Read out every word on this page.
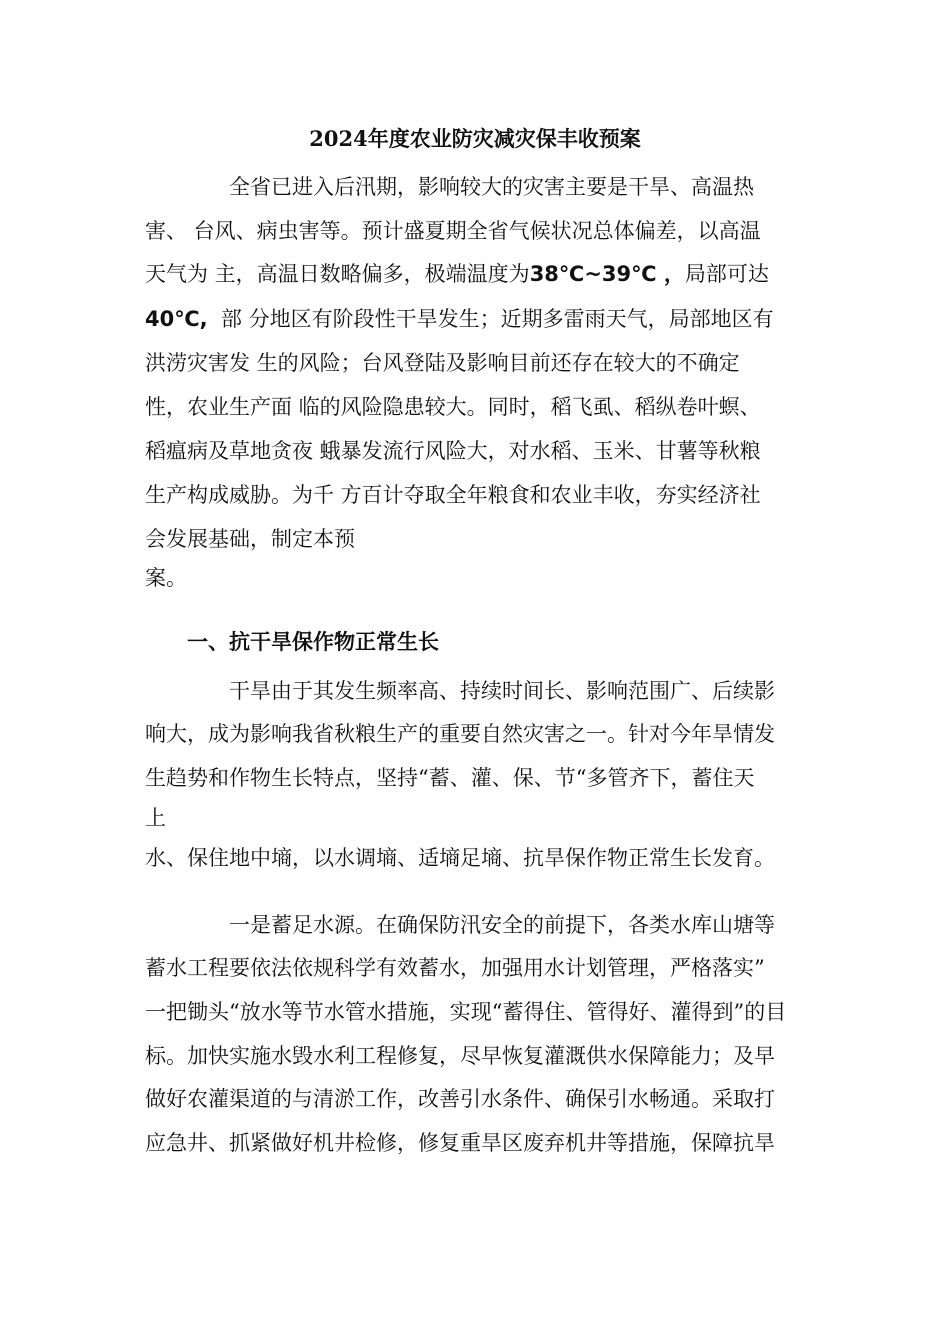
2024年度农业防灾减灾保丰收预案
全省已进入后汛期，影响较大的灾害主要是干旱、高温热
害、 台风、病虫害等。预计盛夏期全省气候状况总体偏差，以高温
天气为 主，高温日数略偏多，极端温度为38℃~39℃ ，局部可达
40℃, 部 分地区有阶段性干旱发生；近期多雷雨天气，局部地区有
洪涝灾害发 生的风险；台风登陆及影响目前还存在较大的不确定
性，农业生产面 临的风险隐患较大。同时，稻飞虱、稻纵卷叶螟、
稻瘟病及草地贪夜 蛾暴发流行风险大，对水稻、玉米、甘薯等秋粮
生产构成威胁。为千 方百计夺取全年粮食和农业丰收，夯实经济社
会发展基础，制定本预
案。
一、抗干旱保作物正常生长
干旱由于其发生频率高、持续时间长、影响范围广、后续影
响大，成为影响我省秋粮生产的重要自然灾害之一。针对今年旱情发
生趋势和作物生长特点，坚持“蓄、灌、保、节“多管齐下，蓄住天
上
水、保住地中墒，以水调墒、适墒足墒、抗旱保作物正常生长发育。
一是蓄足水源。在确保防汛安全的前提下，各类水库山塘等
蓄水工程要依法依规科学有效蓄水，加强用水计划管理，严格落实”
一把锄头“放水等节水管水措施，实现“蓄得住、管得好、灌得到”的目
标。加快实施水毁水利工程修复，尽早恢复灌溉供水保障能力；及早
做好农灌渠道的与清淤工作，改善引水条件、确保引水畅通。采取打
应急井、抓紧做好机井检修，修复重旱区废弃机井等措施，保障抗旱
